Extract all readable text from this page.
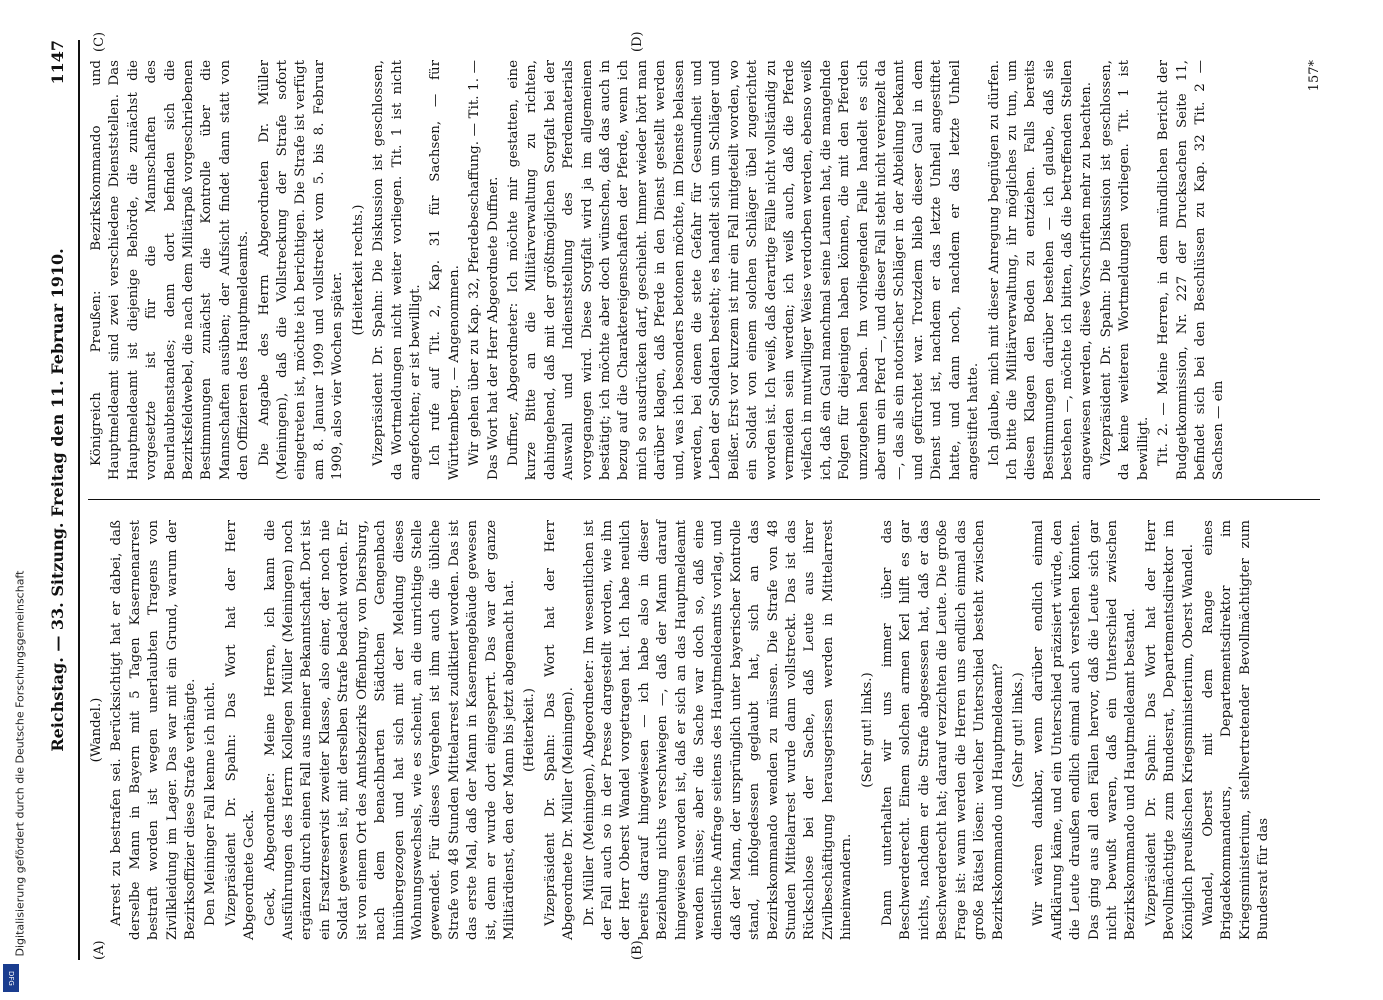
Digitalisierung gefördert durch die Deutsche Forschungsgemeinschaft
DFG
Reichstag. — 33. Sitzung. Freitag den 11. Februar 1910.
1147
(A)	(B)
(C)	(D)

(Wandel.) Arrest zu bestrafen sei. Berücksichtigt hat er dabei, daß derselbe Mann in Bayern mit 5 Tagen Kasernenarrest bestraft worden ist wegen unerlaubten Tragens von Zivilkleidung im Lager. Das war mit ein Grund, warum der Bezirksoffizier diese Strafe verhängte. Den Meininger Fall kenne ich nicht. Vizepräsident Dr. Spahn: Das Wort hat der Herr Abgeordnete Geck. Geck, Abgeordneter: Meine Herren, ich kann die Ausführungen des Herrn Kollegen Müller (Meiningen) noch ergänzen durch einen Fall aus meiner Bekanntschaft. Dort ist ein Ersatzreservist zweiter Klasse, also einer, der noch nie Soldat gewesen ist, mit derselben Strafe bedacht worden. Er ist von einem Ort des Amtsbezirks Offenburg, von Diersburg, nach dem benachbarten Städtchen Gengenbach hinübergezogen und hat sich mit der Meldung dieses Wohnungswechsels, wie es scheint, an die unrichtige Stelle gewendet. Für dieses Vergehen ist ihm auch die übliche Strafe von 48 Stunden Mittelarrest zudiktiert worden. Das ist das erste Mal, daß der Mann in Kasernengebäude gewesen ist, denn er wurde dort eingesperrt. Das war der ganze Militärdienst, den der Mann bis jetzt abgemacht hat. (Heiterkeit.) Vizepräsident Dr. Spahn: Das Wort hat der Herr Abgeordnete Dr. Müller (Meiningen). Dr. Müller (Meiningen), Abgeordneter: Im wesentlichen ist der Fall auch so in der Presse dargestellt worden, wie ihn der Herr Oberst Wandel vorgetragen hat. Ich habe neulich bereits darauf hingewiesen — ich habe also in dieser Beziehung nichts verschwiegen —, daß der Mann darauf hingewiesen worden ist, daß er sich an das Hauptmeldeamt wenden müsse; aber die Sache war doch so, daß eine dienstliche Anfrage seitens des Hauptmeldeamts vorlag, und daß der Mann, der ursprünglich unter bayerischer Kontrolle stand, infolgedessen geglaubt hat, sich an das Bezirkskommando wenden zu müssen. Die Strafe von 48 Stunden Mittelarrest wurde dann vollstreckt. Das ist das Rückschlose bei der Sache, daß Leute aus ihrer Zivilbeschäftigung herausgerissen werden in Mittelarrest hineinwandern.

(Sehr gut! links.) Dann unterhalten wir uns immer über das Beschwerderecht. Einem solchen armen Kerl hilft es gar nichts, nachdem er die Strafe abgesessen hat, daß er das Beschwerderecht hat; darauf verzichten die Leute. Die große Frage ist: wann werden die Herren uns endlich einmal das große Rätsel lösen: welcher Unterschied besteht zwischen Bezirkskommando und Hauptmeldeamt? (Sehr gut! links.) Wir wären dankbar, wenn darüber endlich einmal Aufklärung käme, und ein Unterschied präzisiert würde, den die Leute draußen endlich einmal auch verstehen könnten. Das ging aus all den Fällen hervor, daß die Leute sich gar nicht bewußt waren, daß ein Unterschied zwischen Bezirkskommando und Hauptmeldeamt bestand. Vizepräsident Dr. Spahn: Das Wort hat der Herr Bevollmächtigte zum Bundesrat, Departementsdirektor im Königlich preußischen Kriegsministerium, Oberst Wandel. Wandel, Oberst mit dem Range eines Brigadekommandeurs, Departementsdirektor im Kriegsministerium, stellvertretender Bevollmächtigter zum Bundesrat für das

Königreich Preußen: Bezirkskommando und Hauptmeldeamt sind zwei verschiedene Dienststellen. Das Hauptmeldeamt ist diejenige Behörde, die zunächst die vorgesetzte ist für die Mannschaften des Beurlaubtenstandes; denn dort befinden sich die Bezirksfeldwebel, die nach dem Militärpaß vorgeschriebenen Bestimmungen zunächst die Kontrolle über die Mannschaften ausüben; der Aufsicht findet dann statt von den Offizieren des Hauptmeldeamts. Die Angabe des Herrn Abgeordneten Dr. Müller (Meiningen), daß die Vollstreckung der Strafe sofort eingetreten ist, möchte ich berichtigen. Die Strafe ist verfügt am 8. Januar 1909 und vollstreckt vom 5. bis 8. Februar 1909, also vier Wochen später.

(Heiterkeit rechts.) Vizepräsident Dr. Spahn: Die Diskussion ist geschlossen, da Wortmeldungen nicht weiter vorliegen. Tit. 1 ist nicht angefochten; er ist bewilligt. Ich rufe auf Tit. 2, Kap. 31 für Sachsen, — für Württemberg. — Angenommen. Wir gehen über zu Kap. 32, Pferdebeschaffung. — Tit. 1. — Das Wort hat der Herr Abgeordnete Duffner. Duffner, Abgeordneter: Ich möchte mir gestatten, eine kurze Bitte an die Militärverwaltung zu richten, dahingehend, daß mit der größtmöglichen Sorgfalt bei der Auswahl und Indienststellung des Pferdematerials vorgegangen wird. Diese Sorgfalt wird ja im allgemeinen bestätigt; ich möchte aber doch wünschen, daß das auch in bezug auf die Charaktereigenschaften der Pferde, wenn ich mich so ausdrücken darf, geschieht. Immer wieder hört man darüber klagen, daß Pferde in den Dienst gestellt werden und, was ich besonders betonen möchte, im Dienste belassen werden, bei denen die stete Gefahr für Gesundheit und Leben der Soldaten besteht; es handelt sich um Schläger und Beißer. Erst vor kurzem ist mir ein Fall mitgeteilt worden, wo ein Soldat von einem solchen Schläger übel zugerichtet worden ist. Ich weiß, daß derartige Fälle nicht vollständig zu vermeiden sein werden; ich weiß auch, daß die Pferde vielfach in mutwilliger Weise verdorben werden, ebenso weiß ich, daß ein Gaul manchmal seine Launen hat, die mangelnde Folgen für diejenigen haben können, die mit den Pferden umzugehen haben. Im vorliegenden Falle handelt es sich aber um ein Pferd —, und dieser Fall steht nicht vereinzelt da —, das als ein notorischer Schläger in der Abteilung bekannt und gefürchtet war. Trotzdem blieb dieser Gaul in dem Dienst und ist, nachdem er das letzte Unheil angestiftet hatte, und dann noch, nachdem er das letzte Unheil angestiftet hatte. Ich glaube, mich mit dieser Anregung begnügen zu dürfen. Ich bitte die Militärverwaltung, ihr mögliches zu tun, um diesen Klagen den Boden zu entziehen. Falls bereits Bestimmungen darüber bestehen — ich glaube, daß sie bestehen —, möchte ich bitten, daß die betreffenden Stellen angewiesen werden, diese Vorschriften mehr zu beachten. Vizepräsident Dr. Spahn: Die Diskussion ist geschlossen, da keine weiteren Wortmeldungen vorliegen. Tit. 1 ist bewilligt. Tit. 2. — Meine Herren, in dem mündlichen Bericht der Budgetkommission, Nr. 227 der Drucksachen Seite 11, befindet sich bei den Beschlüssen zu Kap. 32 Tit. 2 — Sachsen — ein

157*
